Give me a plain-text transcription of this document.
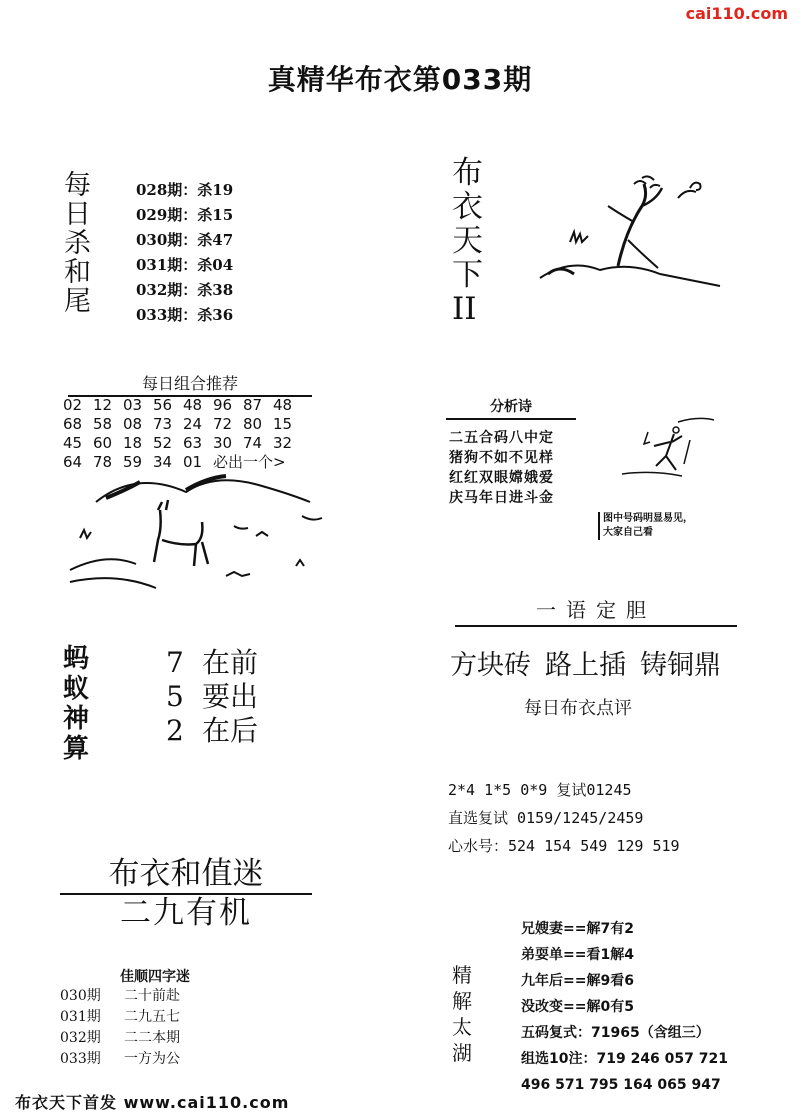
cai110.com
真精华布衣第033期
每
日
杀
和
尾
028期：杀19
029期：杀15
030期：杀47
031期：杀04
032期：杀38
033期：杀36
布
衣
天
下
II
每日组合推荐
02 12 03 56 48 96 87 48
68 58 08 73 24 72 80 15
45 60 18 52 63 30 74 32
64 78 59 34 01 必出一个>
蚂
蚁
神
算
7 在前
5 要出
2 在后
分析诗
二五合码八中定
猪狗不如不见样
红红双眼嫦娥爱
庆马年日进斗金
图中号码明显易见，
大家自己看
一语定胆
方块砖 路上插 铸铜鼎
每日布衣点评
2*4 1*5 0*9 复试01245
直选复试 0159/1245/2459
心水号：524 154 549 129 519
布衣和值迷
二九有机
佳顺四字迷
030期 二十前赴
031期 二九五七
032期 二二本期
033期 一方为公
精
解
太
湖
兄嫂妻==解7有2
弟耍单==看1解4
九年后==解9看6
没改变==解0有5
五码复式：71965（含组三）
组选10注：719 246 057 721
496 571 795 164 065 947
布衣天下首发 www.cai110.com
